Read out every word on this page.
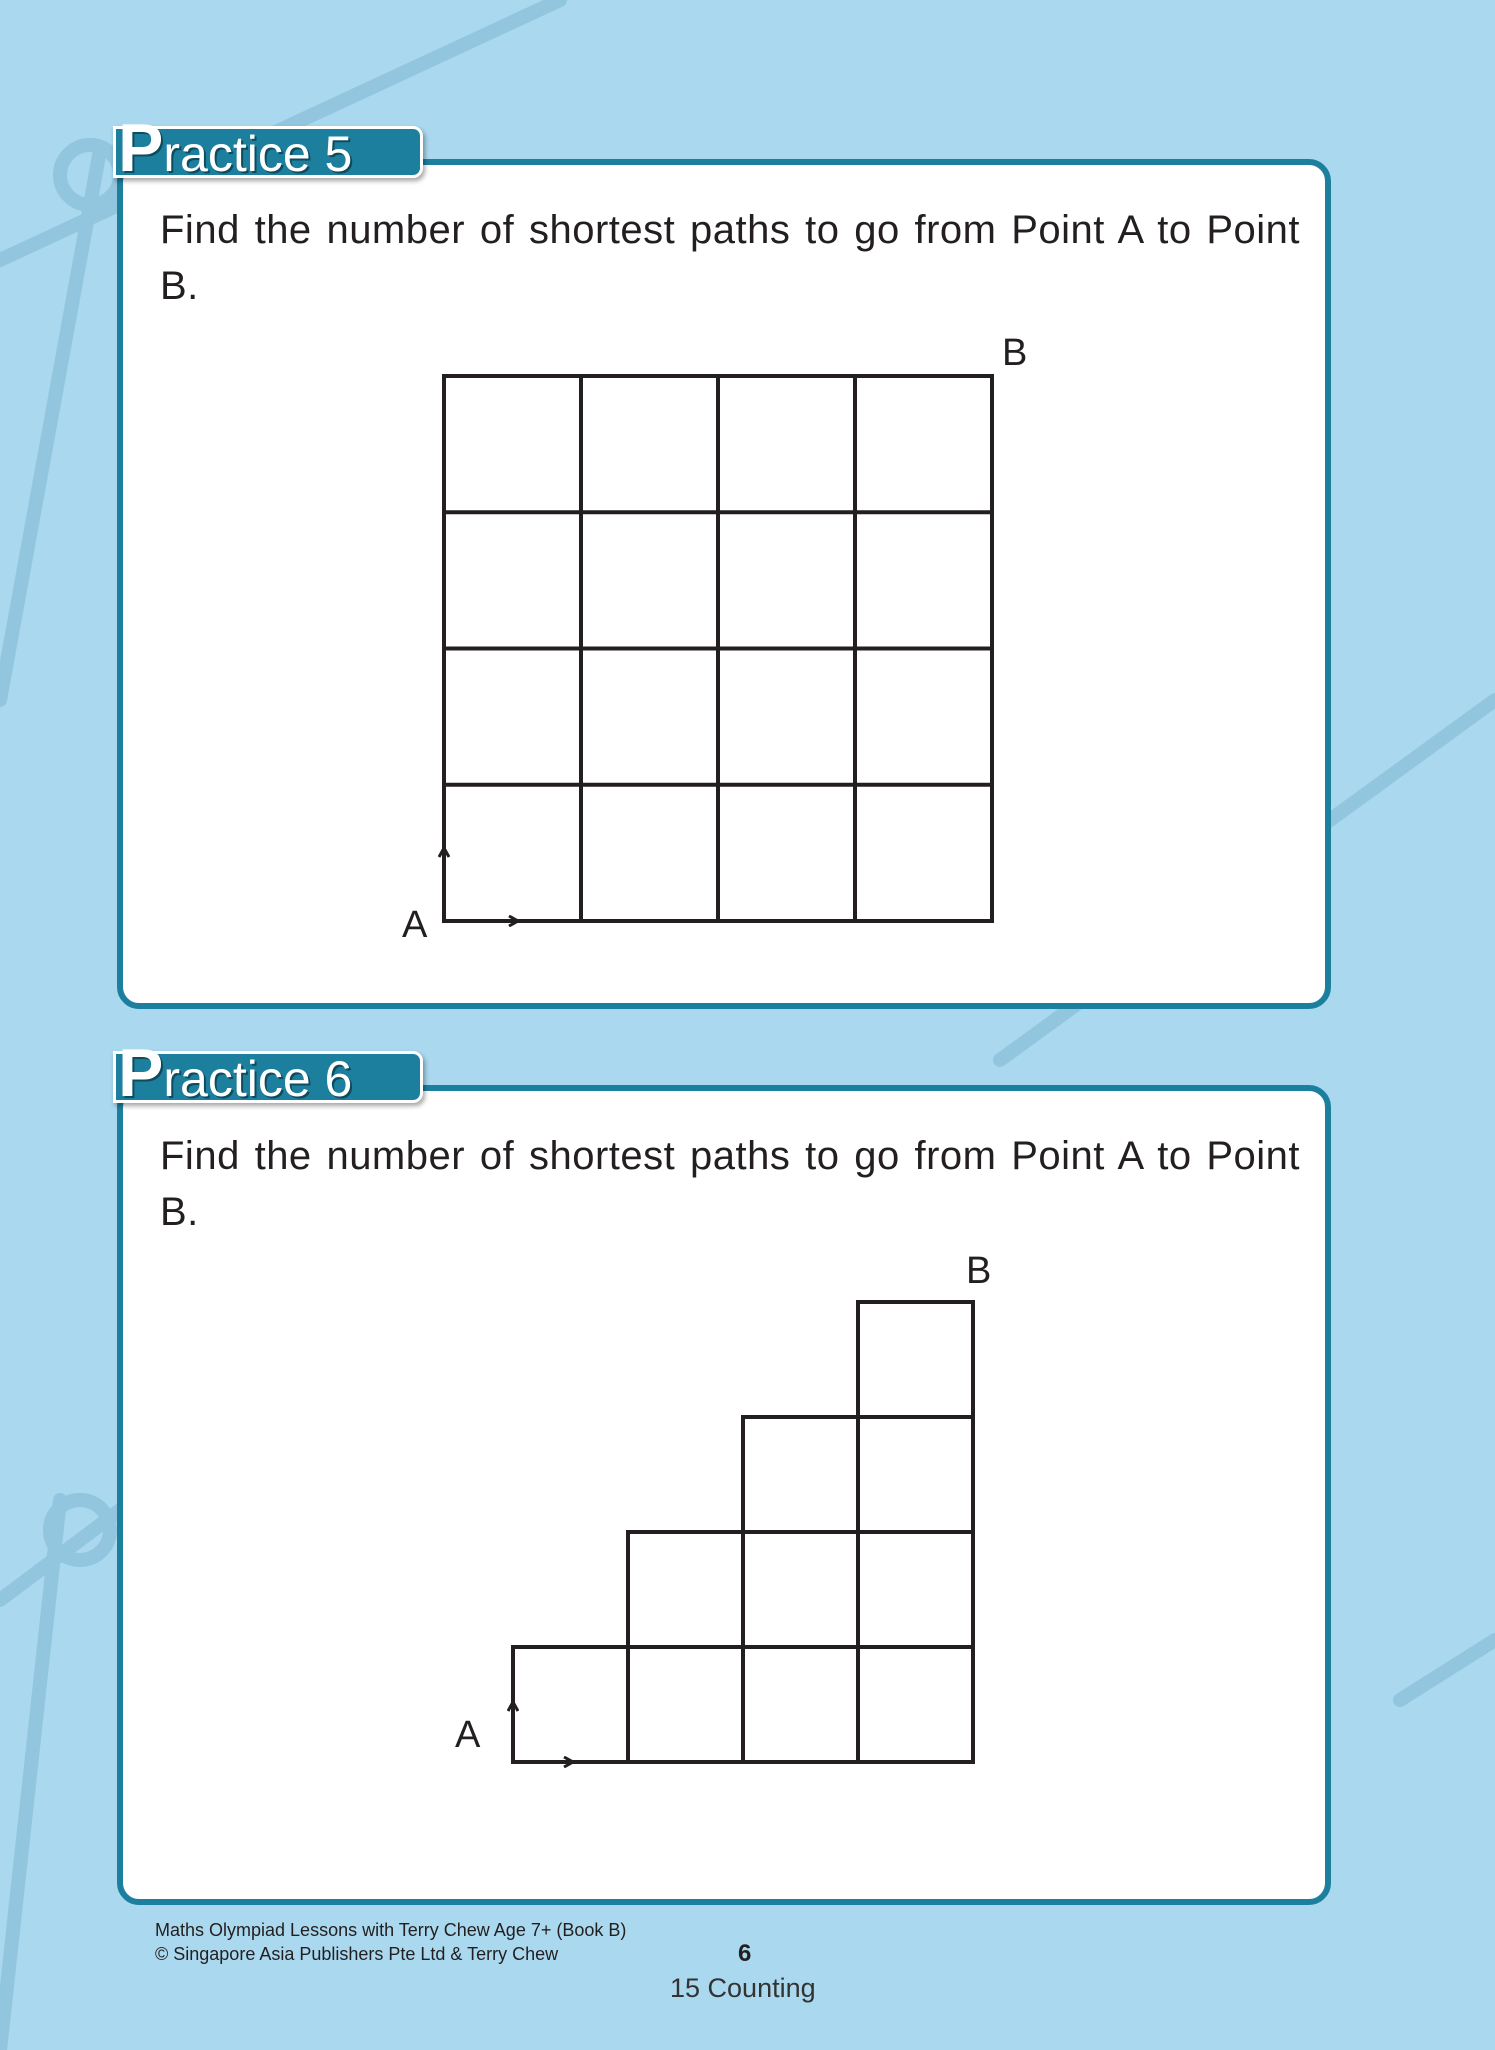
Practice 5
Find the number of shortest paths to go from Point A to Point B.
Practice 6
Find the number of shortest paths to go from Point A to Point B.
A
B
A
B
Maths Olympiad Lessons with Terry Chew Age 7+ (Book B)
© Singapore Asia Publishers Pte Ltd & Terry Chew	6
15 Counting
